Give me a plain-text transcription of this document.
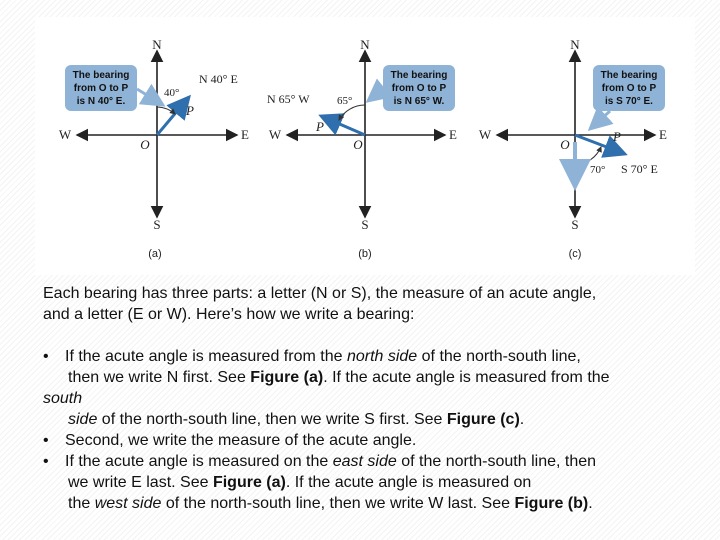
The bearing
from O to P
is N 40° E.
N
S
W	E
O
P
N 40° E
40°
(a)
The bearing
from O to P
is N 65° W.
N
S
W	E
O
P
N 65° W 65°
(b)
The bearing
from O to P
is S 70° E.
N
S
W	E
O
P
S 70° E
70°
(c)

Each bearing has three parts: a letter (N or S), the measure of an acute angle,

and a letter (E or W). Here’s how we write a bearing:

• If the acute angle is measured from the north side of the north-south line,

then we write N first. See Figure (a). If the acute angle is measured from the

south

side of the north-south line, then we write S first. See Figure (c).

• Second, we write the measure of the acute angle.

• If the acute angle is measured on the east side of the north-south line, then

we write E last. See Figure (a). If the acute angle is measured on

the west side of the north-south line, then we write W last. See Figure (b).
